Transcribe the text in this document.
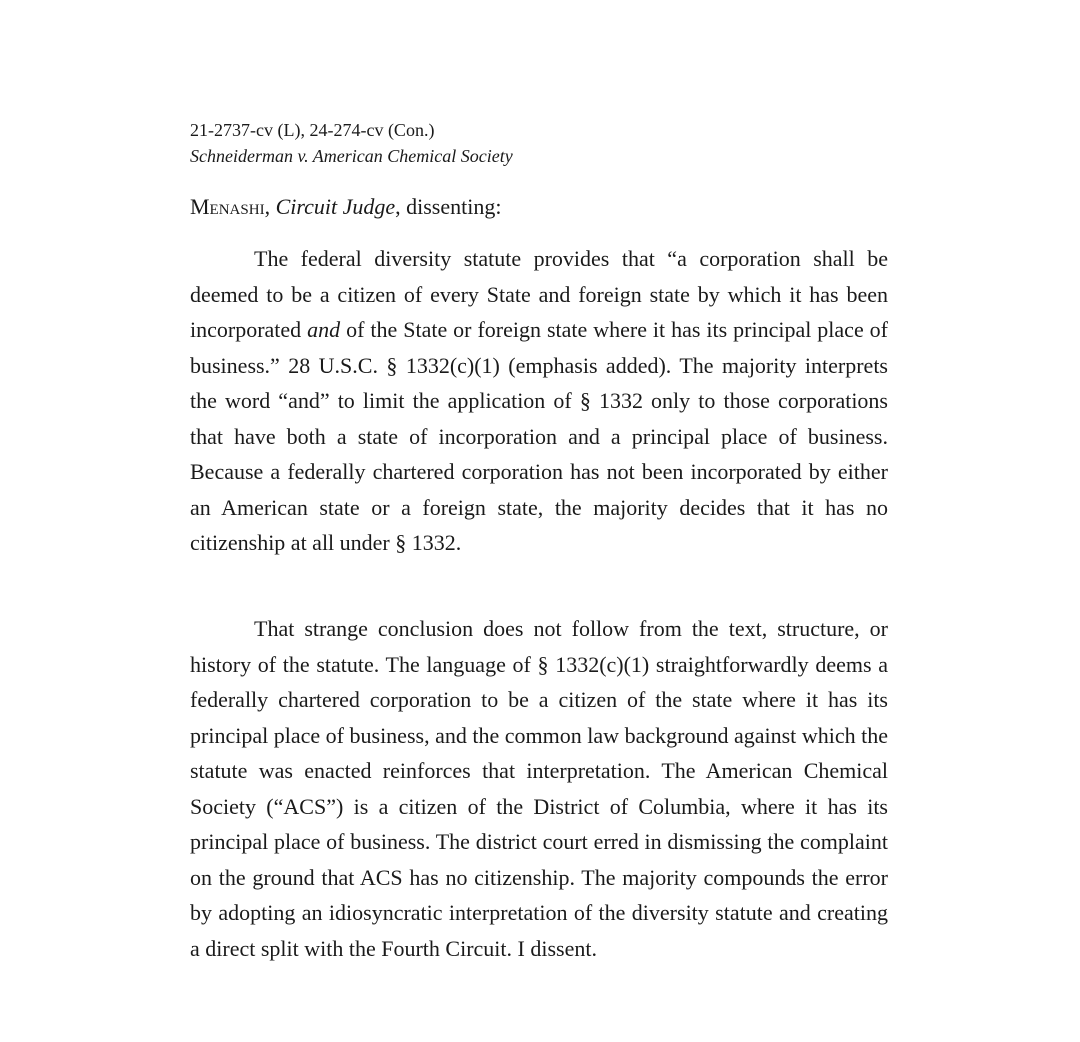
21-2737-cv (L), 24-274-cv (Con.)
Schneiderman v. American Chemical Society
Menashi, Circuit Judge, dissenting:

The federal diversity statute provides that “a corporation shall be deemed to be a citizen of every State and foreign state by which it has been incorporated and of the State or foreign state where it has its principal place of business.” 28 U.S.C. § 1332(c)(1) (emphasis added). The majority interprets the word “and” to limit the application of § 1332 only to those corporations that have both a state of incorporation and a principal place of business. Because a federally chartered corporation has not been incorporated by either an American state or a foreign state, the majority decides that it has no citizenship at all under § 1332.

That strange conclusion does not follow from the text, structure, or history of the statute. The language of § 1332(c)(1) straightforwardly deems a federally chartered corporation to be a citizen of the state where it has its principal place of business, and the common law background against which the statute was enacted reinforces that interpretation. The American Chemical Society (“ACS”) is a citizen of the District of Columbia, where it has its principal place of business. The district court erred in dismissing the complaint on the ground that ACS has no citizenship. The majority compounds the error by adopting an idiosyncratic interpretation of the diversity statute and creating a direct split with the Fourth Circuit. I dissent.
